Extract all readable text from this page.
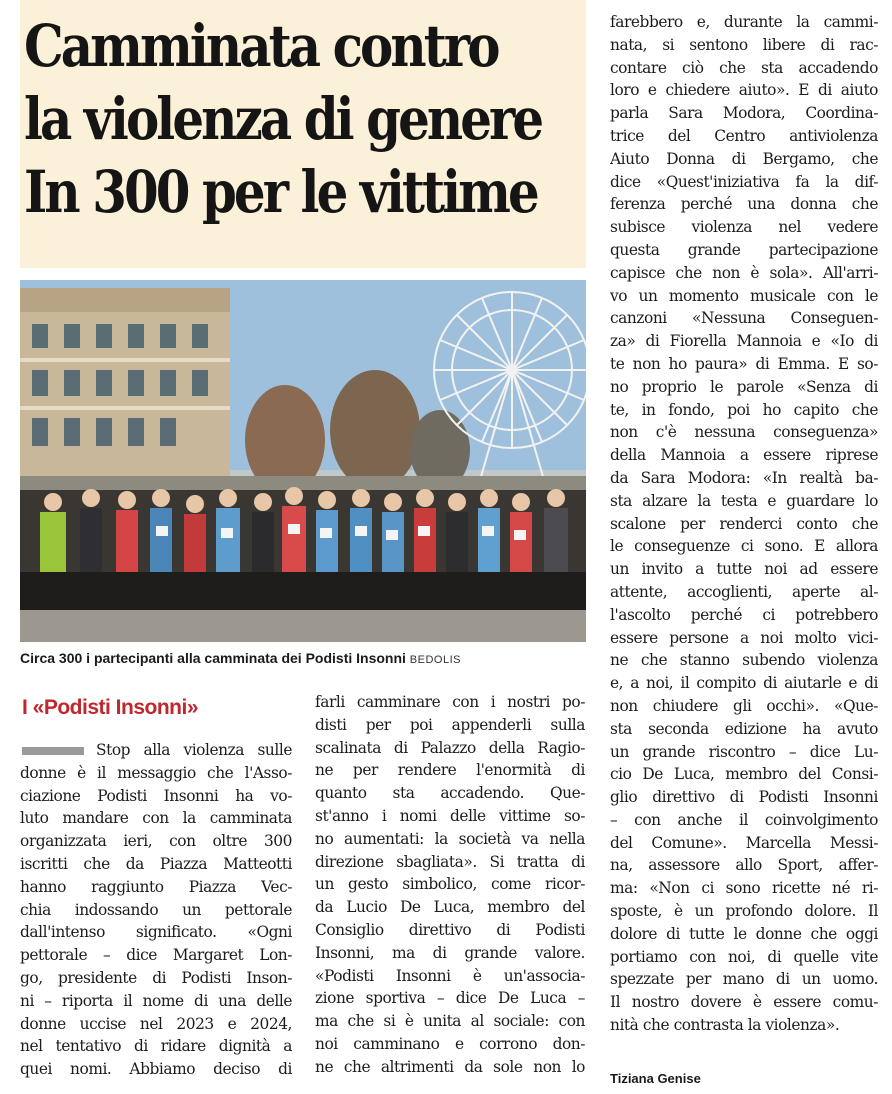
Camminata contro
la violenza di genere
In 300 per le vittime
Circa 300 i partecipanti alla camminata dei Podisti Insonni BEDOLIS
I «Podisti Insonni»
Stop alla violenza sulle
donne è il messaggio che l'Asso-
ciazione Podisti Insonni ha vo-
luto mandare con la camminata
organizzata ieri, con oltre 300
iscritti che da Piazza Matteotti
hanno raggiunto Piazza Vec-
chia indossando un pettorale
dall'intenso significato. «Ogni
pettorale – dice Margaret Lon-
go, presidente di Podisti Inson-
ni – riporta il nome di una delle
donne uccise nel 2023 e 2024,
nel tentativo di ridare dignità a
quei nomi. Abbiamo deciso di
farli camminare con i nostri po-
disti per poi appenderli sulla
scalinata di Palazzo della Ragio-
ne per rendere l'enormità di
quanto sta accadendo. Que-
st'anno i nomi delle vittime so-
no aumentati: la società va nella
direzione sbagliata». Si tratta di
un gesto simbolico, come ricor-
da Lucio De Luca, membro del
Consiglio direttivo di Podisti
Insonni, ma di grande valore.
«Podisti Insonni è un'associa-
zione sportiva – dice De Luca –
ma che si è unita al sociale: con
noi camminano e corrono don-
ne che altrimenti da sole non lo
farebbero e, durante la cammi-
nata, si sentono libere di rac-
contare ciò che sta accadendo
loro e chiedere aiuto». E di aiuto
parla Sara Modora, Coordina-
trice del Centro antiviolenza
Aiuto Donna di Bergamo, che
dice «Quest'iniziativa fa la dif-
ferenza perché una donna che
subisce violenza nel vedere
questa grande partecipazione
capisce che non è sola». All'arri-
vo un momento musicale con le
canzoni «Nessuna Conseguen-
za» di Fiorella Mannoia e «Io di
te non ho paura» di Emma. E so-
no proprio le parole «Senza di
te, in fondo, poi ho capito che
non c'è nessuna conseguenza»
della Mannoia a essere riprese
da Sara Modora: «In realtà ba-
sta alzare la testa e guardare lo
scalone per renderci conto che
le conseguenze ci sono. E allora
un invito a tutte noi ad essere
attente, accoglienti, aperte al-
l'ascolto perché ci potrebbero
essere persone a noi molto vici-
ne che stanno subendo violenza
e, a noi, il compito di aiutarle e di
non chiudere gli occhi». «Que-
sta seconda edizione ha avuto
un grande riscontro – dice Lu-
cio De Luca, membro del Consi-
glio direttivo di Podisti Insonni
– con anche il coinvolgimento
del Comune». Marcella Messi-
na, assessore allo Sport, affer-
ma: «Non ci sono ricette né ri-
sposte, è un profondo dolore. Il
dolore di tutte le donne che oggi
portiamo con noi, di quelle vite
spezzate per mano di un uomo.
Il nostro dovere è essere comu-
nità che contrasta la violenza».
Tiziana Genise
